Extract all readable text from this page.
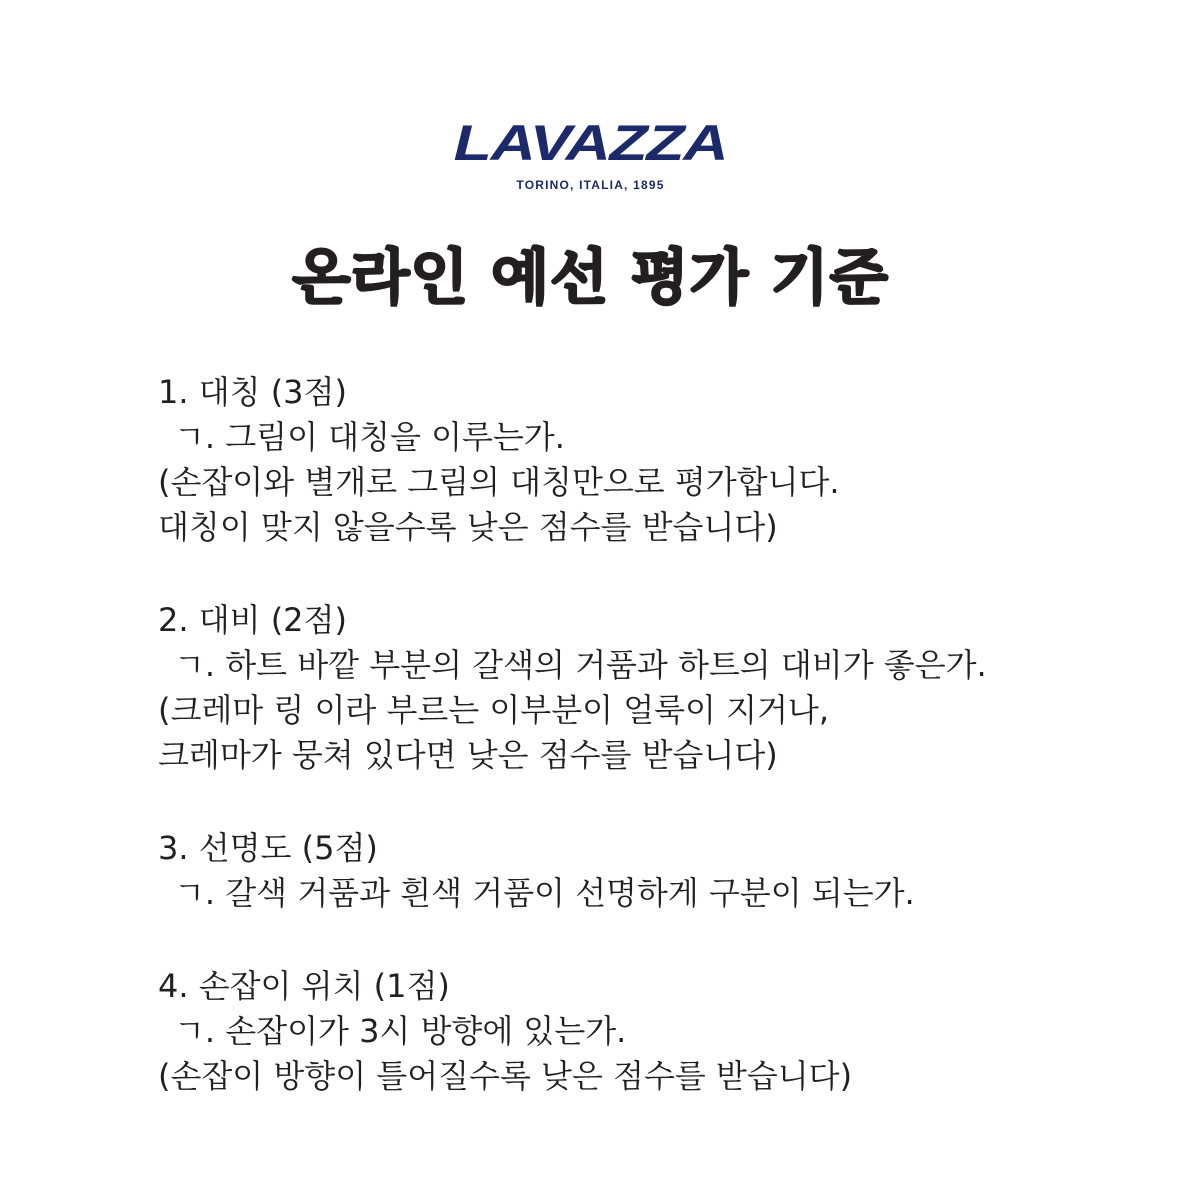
LAVAZZA
TORINO, ITALIA, 1895
온라인 예선 평가 기준
1. 대칭 (3점)
ㄱ. 그림이 대칭을 이루는가.
(손잡이와 별개로 그림의 대칭만으로 평가합니다.
대칭이 맞지 않을수록 낮은 점수를 받습니다)
2. 대비 (2점)
ㄱ. 하트 바깥 부분의 갈색의 거품과 하트의 대비가 좋은가.
(크레마 링 이라 부르는 이부분이 얼룩이 지거나,
크레마가 뭉쳐 있다면 낮은 점수를 받습니다)
3. 선명도 (5점)
ㄱ. 갈색 거품과 흰색 거품이 선명하게 구분이 되는가.
4. 손잡이 위치 (1점)
ㄱ. 손잡이가 3시 방향에 있는가.
(손잡이 방향이 틀어질수록 낮은 점수를 받습니다)
